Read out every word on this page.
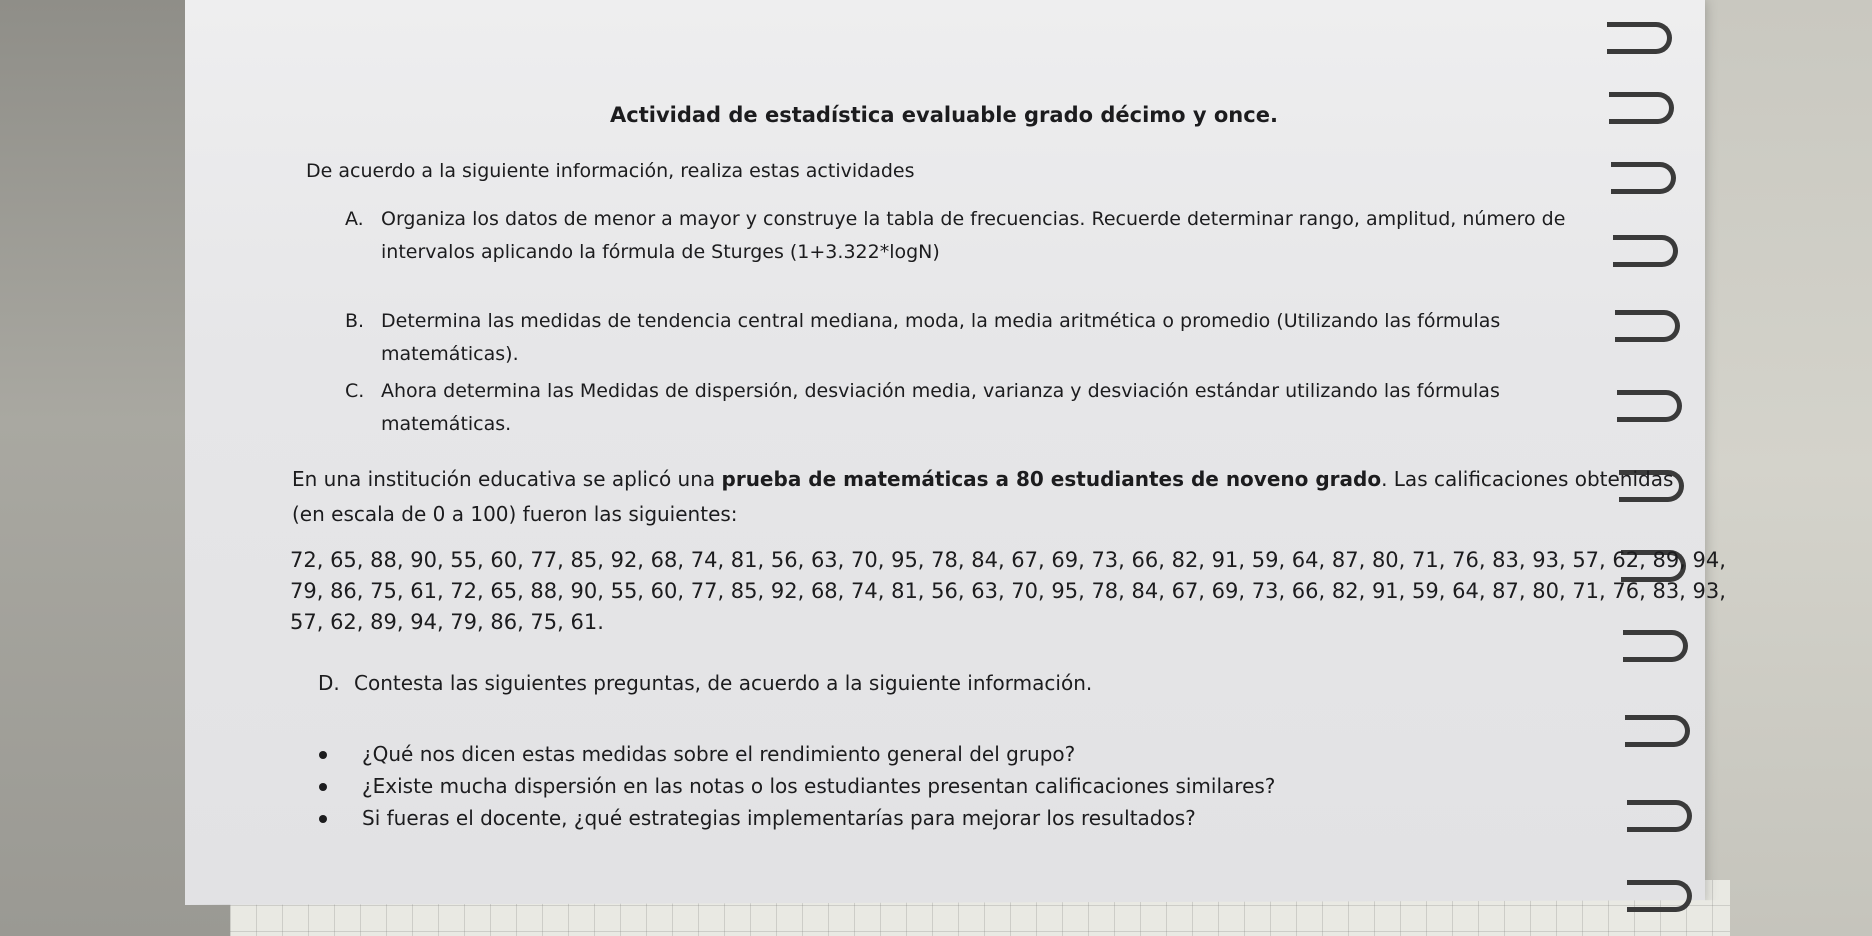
Actividad de estadística evaluable grado décimo y once.
De acuerdo a la siguiente información, realiza estas actividades
A. Organiza los datos de menor a mayor y construye la tabla de frecuencias. Recuerde determinar rango, amplitud, número de
intervalos aplicando la fórmula de Sturges (1+3.322*logN)
B. Determina las medidas de tendencia central mediana, moda, la media aritmética o promedio (Utilizando las fórmulas
matemáticas).
C. Ahora determina las Medidas de dispersión, desviación media, varianza y desviación estándar utilizando las fórmulas
matemáticas.
En una institución educativa se aplicó una prueba de matemáticas a 80 estudiantes de noveno grado. Las calificaciones obtenidas
(en escala de 0 a 100) fueron las siguientes:
72, 65, 88, 90, 55, 60, 77, 85, 92, 68, 74, 81, 56, 63, 70, 95, 78, 84, 67, 69, 73, 66, 82, 91, 59, 64, 87, 80, 71, 76, 83, 93, 57, 62, 89, 94,
79, 86, 75, 61, 72, 65, 88, 90, 55, 60, 77, 85, 92, 68, 74, 81, 56, 63, 70, 95, 78, 84, 67, 69, 73, 66, 82, 91, 59, 64, 87, 80, 71, 76, 83, 93,
57, 62, 89, 94, 79, 86, 75, 61.
D. Contesta las siguientes preguntas, de acuerdo a la siguiente información.
¿Qué nos dicen estas medidas sobre el rendimiento general del grupo?
¿Existe mucha dispersión en las notas o los estudiantes presentan calificaciones similares?
Si fueras el docente, ¿qué estrategias implementarías para mejorar los resultados?
